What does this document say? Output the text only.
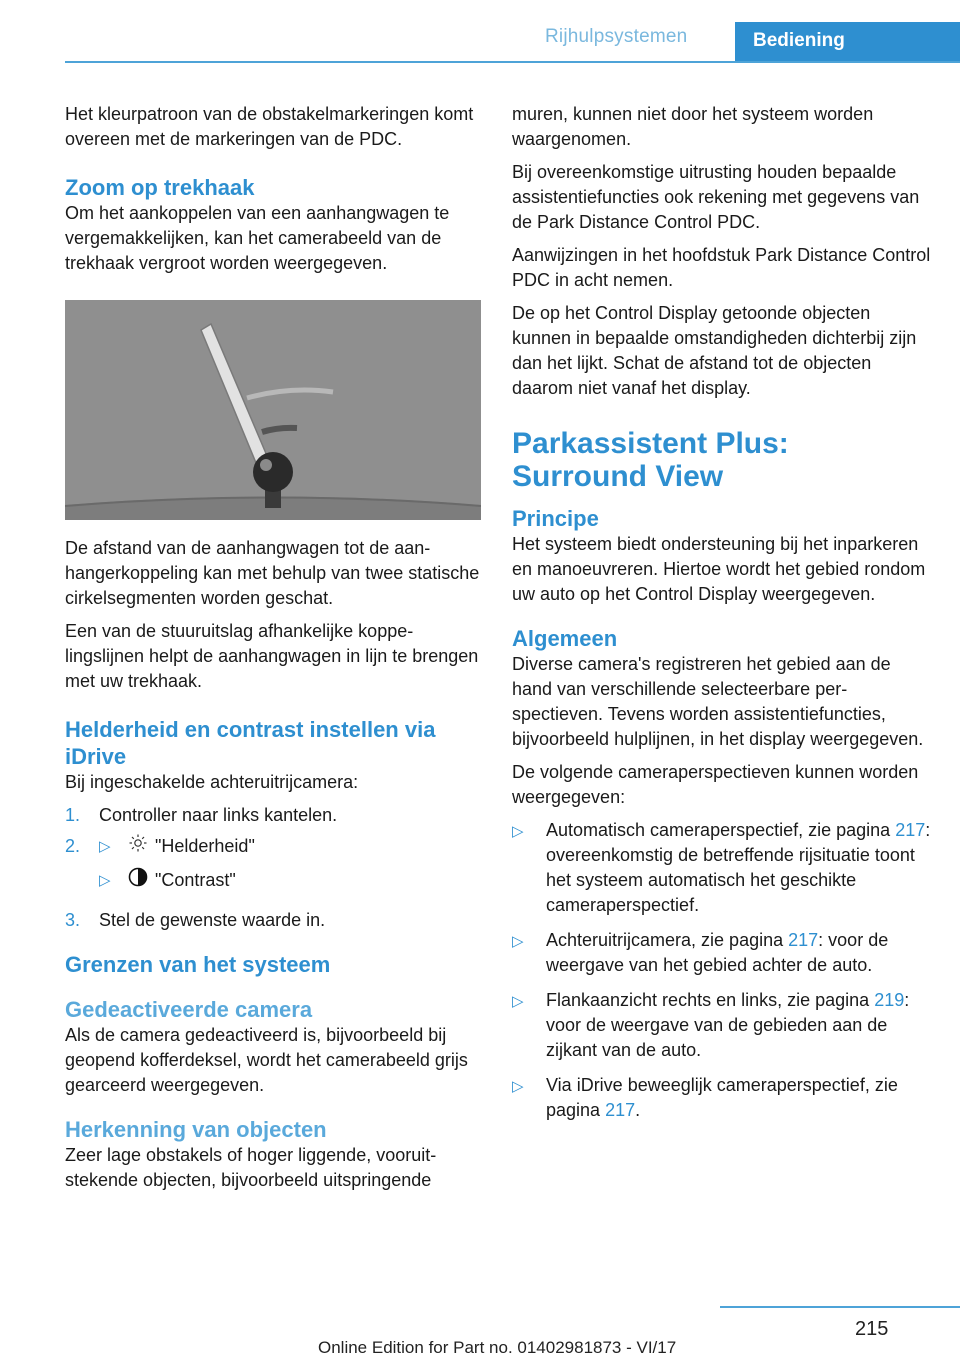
Rijhulpsystemen	Bediening

Het kleurpatroon van de obstakelmarkeringen komt overeen met de markeringen van de PDC.

Zoom op trekhaak

Om het aankoppelen van een aanhangwagen te vergemakkelijken, kan het camerabeeld van de trekhaak vergroot worden weergegeven.

De afstand van de aanhangwagen tot de aanhangerkoppeling kan met behulp van twee statische cirkelsegmenten worden geschat.

Een van de stuuruitslag afhankelijke koppelingslijnen helpt de aanhangwagen in lijn te brengen met uw trekhaak.

Helderheid en contrast instellen via iDrive

Bij ingeschakelde achteruitrijcamera:

1.	Controller naar links kantelen.
2.	▷	"Helderheid"
▷	"Contrast"
3.	Stel de gewenste waarde in.
Grenzen van het systeem
Gedeactiveerde camera

Als de camera gedeactiveerd is, bijvoorbeeld bij geopend kofferdeksel, wordt het camerabeeld grijs gearceerd weergegeven.

Herkenning van objecten

Zeer lage obstakels of hoger liggende, vooruitstekende objecten, bijvoorbeeld uitspringende

muren, kunnen niet door het systeem worden waargenomen.

Bij overeenkomstige uitrusting houden bepaalde assistentiefuncties ook rekening met gegevens van de Park Distance Control PDC.

Aanwijzingen in het hoofdstuk Park Distance Control PDC in acht nemen.

De op het Control Display getoonde objecten kunnen in bepaalde omstandigheden dichterbij zijn dan het lijkt. Schat de afstand tot de objecten daarom niet vanaf het display.

Parkassistent Plus: Surround View
Principe

Het systeem biedt ondersteuning bij het inparkeren en manoeuvreren. Hiertoe wordt het gebied rondom uw auto op het Control Display weergegeven.

Algemeen

Diverse camera's registreren het gebied aan de hand van verschillende selecteerbare perspectieven. Tevens worden assistentiefuncties, bijvoorbeeld hulplijnen, in het display weergegeven.

De volgende cameraperspectieven kunnen worden weergegeven:

▷	Automatisch cameraperspectief, zie pagina 217: overeenkomstig de betreffende rijsituatie toont het systeem automatisch het geschikte cameraperspectief.
▷	Achteruitrijcamera, zie pagina 217: voor de weergave van het gebied achter de auto.
▷	Flankaanzicht rechts en links, zie pagina 219: voor de weergave van de gebieden aan de zijkant van de auto.
▷	Via iDrive beweeglijk cameraperspectief, zie pagina 217.
215
Online Edition for Part no. 01402981873 - VI/17
